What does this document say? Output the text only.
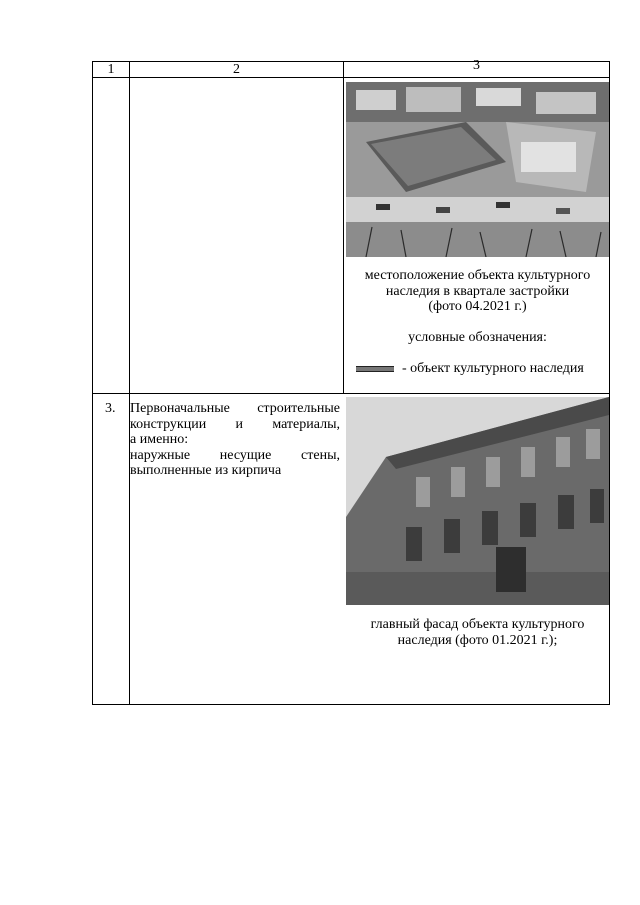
1	2	3
местоположение объекта культурного
наследия в квартале застройки
(фото 04.2021 г.)
условные обозначения:
- объект культурного наследия
3. Первоначальные строительные
конструкции и материалы,
а именно:
наружные несущие стены,
выполненные из кирпича
главный фасад объекта культурного
наследия (фото 01.2021 г.);
